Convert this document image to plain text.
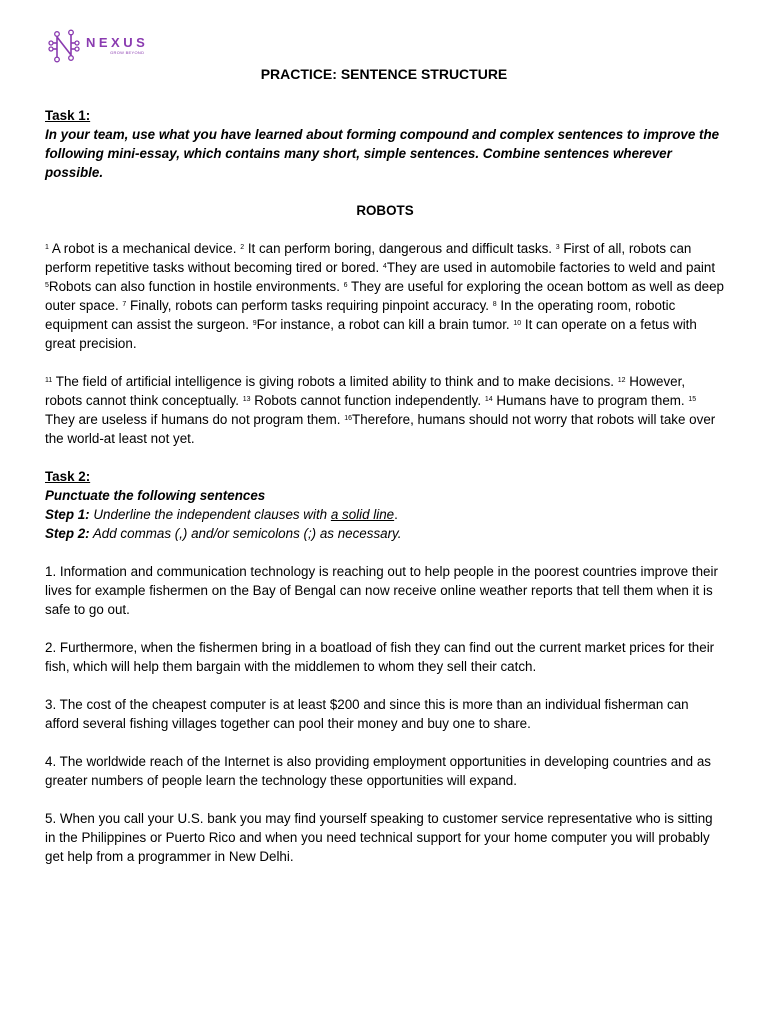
NEXUS
GROW BEYOND
PRACTICE: SENTENCE STRUCTURE

Task 1:

In your team, use what you have learned about forming compound and complex sentences to improve the following mini-essay, which contains many short, simple sentences. Combine sentences wherever possible.

ROBOTS

$^1$ A robot is a mechanical device. $^2$ It can perform boring, dangerous and difficult tasks. $^3$ First of all, robots can perform repetitive tasks without becoming tired or bored. $^4$They are used in automobile factories to weld and paint $^5$Robots can also function in hostile environments. $^6$ They are useful for exploring the ocean bottom as well as deep outer space. $^7$ Finally, robots can perform tasks requiring pinpoint accuracy. $^8$ In the operating room, robotic equipment can assist the surgeon. $^9$For instance, a robot can kill a brain tumor. $^{10}$ It can operate on a fetus with great precision.

$^{11}$ The field of artificial intelligence is giving robots a limited ability to think and to make decisions. $^{12}$ However, robots cannot think conceptually. $^{13}$ Robots cannot function independently. $^{14}$ Humans have to program them. $^{15}$ They are useless if humans do not program them. $^{16}$Therefore, humans should not worry that robots will take over the world-at least not yet.

Task 2:

Punctuate the following sentences

Step 1: Underline the independent clauses with a solid line.

Step 2: Add commas (,) and/or semicolons (;) as necessary.

1. Information and communication technology is reaching out to help people in the poorest countries improve their lives for example fishermen on the Bay of Bengal can now receive online weather reports that tell them when it is safe to go out.

2. Furthermore, when the fishermen bring in a boatload of fish they can find out the current market prices for their fish, which will help them bargain with the middlemen to whom they sell their catch.

3. The cost of the cheapest computer is at least $200 and since this is more than an individual fisherman can afford several fishing villages together can pool their money and buy one to share.

4. The worldwide reach of the Internet is also providing employment opportunities in developing countries and as greater numbers of people learn the technology these opportunities will expand.

5. When you call your U.S. bank you may find yourself speaking to customer service representative who is sitting in the Philippines or Puerto Rico and when you need technical support for your home computer you will probably get help from a programmer in New Delhi.
